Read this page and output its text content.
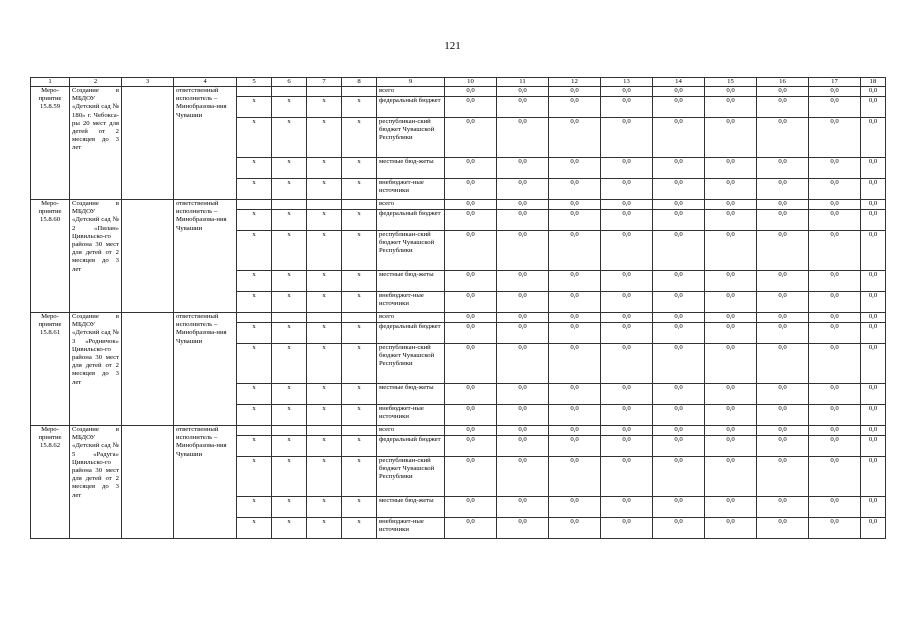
121
1	2	3	4	5	6	7	8	9	10	11	12	13	14	15	16	17	18
Меро-
приятие
15.8.59	Создание в МБДОУ «Детский сад № 180» г. Чебокса-ры 20 мест для детей от 2 месяцев до 3 лет		ответственный исполнитель – Минобразова-ния Чувашии					всего	0,0	0,0	0,0	0,0	0,0	0,0	0,0	0,0	0,0
				x	x	x	x	федеральный бюджет	0,0	0,0	0,0	0,0	0,0	0,0	0,0	0,0	0,0
				x	x	x	x	республикан-ский бюджет Чувашской Республики	0,0	0,0	0,0	0,0	0,0	0,0	0,0	0,0	0,0
				x	x	x	x	местные бюд-жеты	0,0	0,0	0,0	0,0	0,0	0,0	0,0	0,0	0,0
				x	x	x	x	внебюджет-ные источники	0,0	0,0	0,0	0,0	0,0	0,0	0,0	0,0	0,0
Меро-
приятие
15.8.60	Создание в МБДОУ «Детский сад № 2 «Пилан» Цивильско-го района 30 мест для детей от 2 месяцев до 3 лет		ответственный исполнитель – Минобразова-ния Чувашии					всего	0,0	0,0	0,0	0,0	0,0	0,0	0,0	0,0	0,0
				x	x	x	x	федеральный бюджет	0,0	0,0	0,0	0,0	0,0	0,0	0,0	0,0	0,0
				x	x	x	x	республикан-ский бюджет Чувашской Республики	0,0	0,0	0,0	0,0	0,0	0,0	0,0	0,0	0,0
				x	x	x	x	местные бюд-жеты	0,0	0,0	0,0	0,0	0,0	0,0	0,0	0,0	0,0
				x	x	x	x	внебюджет-ные источники	0,0	0,0	0,0	0,0	0,0	0,0	0,0	0,0	0,0
Меро-
приятие
15.8.61	Создание в МБДОУ «Детский сад № 3 «Родничок» Цивильско-го района 30 мест для детей от 2 месяцев до 3 лет		ответственный исполнитель – Минобразова-ния Чувашии					всего	0,0	0,0	0,0	0,0	0,0	0,0	0,0	0,0	0,0
				x	x	x	x	федеральный бюджет	0,0	0,0	0,0	0,0	0,0	0,0	0,0	0,0	0,0
				x	x	x	x	республикан-ский бюджет Чувашской Республики	0,0	0,0	0,0	0,0	0,0	0,0	0,0	0,0	0,0
				x	x	x	x	местные бюд-жеты	0,0	0,0	0,0	0,0	0,0	0,0	0,0	0,0	0,0
				x	x	x	x	внебюджет-ные источники	0,0	0,0	0,0	0,0	0,0	0,0	0,0	0,0	0,0
Меро-
приятие
15.8.62	Создание в МБДОУ «Детский сад № 5 «Радуга» Цивильско-го района 30 мест для детей от 2 месяцев до 3 лет		ответственный исполнитель – Минобразова-ния Чувашии					всего	0,0	0,0	0,0	0,0	0,0	0,0	0,0	0,0	0,0
				x	x	x	x	федеральный бюджет	0,0	0,0	0,0	0,0	0,0	0,0	0,0	0,0	0,0
				x	x	x	x	республикан-ский бюджет Чувашской Республики	0,0	0,0	0,0	0,0	0,0	0,0	0,0	0,0	0,0
				x	x	x	x	местные бюд-жеты	0,0	0,0	0,0	0,0	0,0	0,0	0,0	0,0	0,0
				x	x	x	x	внебюджет-ные источники	0,0	0,0	0,0	0,0	0,0	0,0	0,0	0,0	0,0
